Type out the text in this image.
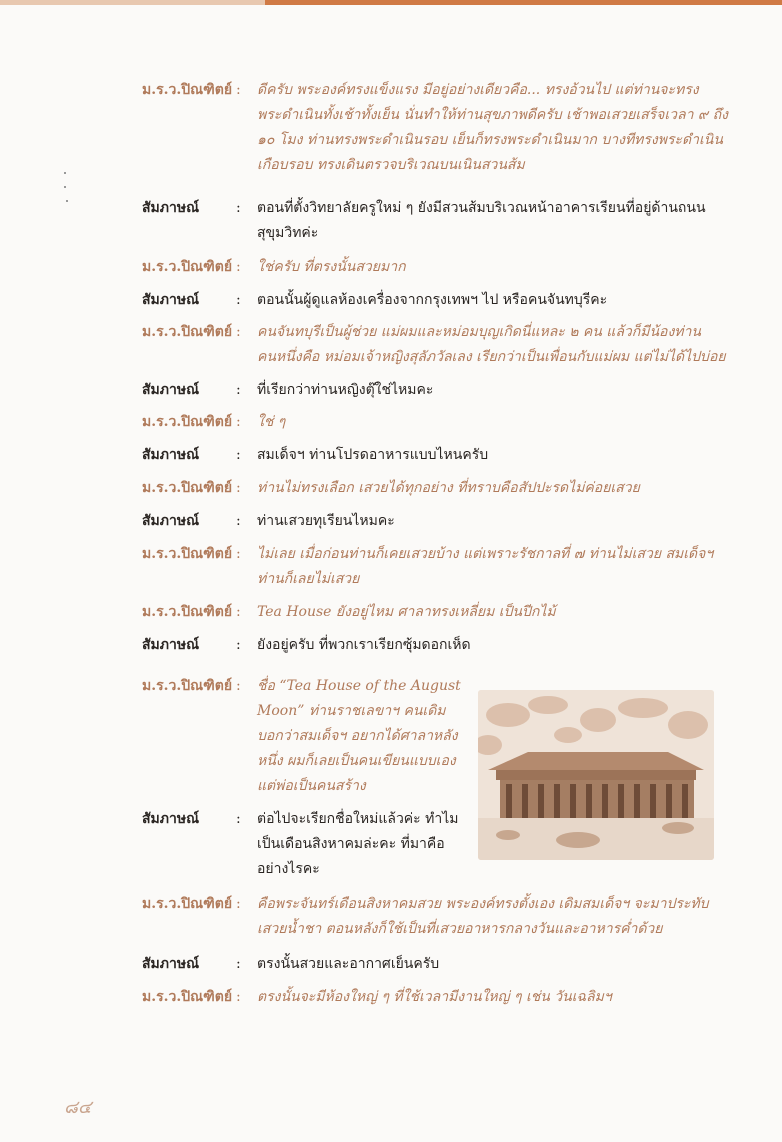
ม.ร.ว.ปิณฑิตย์ : ดีครับ พระองค์ทรงแข็งแรง มีอยู่อย่างเดียวคือ... ทรงอ้วนไป แต่ท่านจะทรง
พระดำเนินทั้งเช้าทั้งเย็น นั่นทำให้ท่านสุขภาพดีครับ เช้าพอเสวยเสร็จเวลา ๙ ถึง
๑๐ โมง ท่านทรงพระดำเนินรอบ เย็นก็ทรงพระดำเนินมาก บางทีทรงพระดำเนิน
เกือบรอบ ทรงเดินตรวจบริเวณบนเนินสวนส้ม
สัมภาษณ์	: ตอนที่ตั้งวิทยาลัยครูใหม่ ๆ ยังมีสวนส้มบริเวณหน้าอาคารเรียนที่อยู่ด้านถนน
สุขุมวิทค่ะ
ม.ร.ว.ปิณฑิตย์ : ใช่ครับ ที่ตรงนั้นสวยมาก
สัมภาษณ์	: ตอนนั้นผู้ดูแลห้องเครื่องจากกรุงเทพฯ ไป หรือคนจันทบุรีคะ
ม.ร.ว.ปิณฑิตย์ : คนจันทบุรีเป็นผู้ช่วย แม่ผมและหม่อมบุญเกิดนี่แหละ ๒ คน แล้วก็มีน้องท่าน
คนหนึ่งคือ หม่อมเจ้าหญิงสุลัภวัลเลง เรียกว่าเป็นเพื่อนกับแม่ผม แต่ไม่ได้ไปบ่อย
สัมภาษณ์	: ที่เรียกว่าท่านหญิงตุ๊ใช่ไหมคะ
ม.ร.ว.ปิณฑิตย์ : ใช่ ๆ
สัมภาษณ์	: สมเด็จฯ ท่านโปรดอาหารแบบไหนครับ
ม.ร.ว.ปิณฑิตย์ : ท่านไม่ทรงเลือก เสวยได้ทุกอย่าง ที่ทราบคือสัปปะรดไม่ค่อยเสวย
สัมภาษณ์	: ท่านเสวยทุเรียนไหมคะ
ม.ร.ว.ปิณฑิตย์ : ไม่เลย เมื่อก่อนท่านก็เคยเสวยบ้าง แต่เพราะรัชกาลที่ ๗ ท่านไม่เสวย สมเด็จฯ
ท่านก็เลยไม่เสวย
ม.ร.ว.ปิณฑิตย์ : Tea House ยังอยู่ไหม ศาลาทรงเหลี่ยม เป็นปีกไม้
สัมภาษณ์	: ยังอยู่ครับ ที่พวกเราเรียกซุ้มดอกเห็ด
ม.ร.ว.ปิณฑิตย์ : ชื่อ “Tea House of the August
Moon” ท่านราชเลขาฯ คนเดิม
บอกว่าสมเด็จฯ อยากได้ศาลาหลัง
หนึ่ง ผมก็เลยเป็นคนเขียนแบบเอง
แต่พ่อเป็นคนสร้าง
สัมภาษณ์	: ต่อไปจะเรียกชื่อใหม่แล้วค่ะ ทำไม
เป็นเดือนสิงหาคมล่ะคะ ที่มาคือ
อย่างไรคะ
ม.ร.ว.ปิณฑิตย์ : คือพระจันทร์เดือนสิงหาคมสวย พระองค์ทรงตั้งเอง เดิมสมเด็จฯ จะมาประทับ
เสวยน้ำชา ตอนหลังก็ใช้เป็นที่เสวยอาหารกลางวันและอาหารค่ำด้วย
สัมภาษณ์	: ตรงนั้นสวยและอากาศเย็นครับ
ม.ร.ว.ปิณฑิตย์ : ตรงนั้นจะมีห้องใหญ่ ๆ ที่ใช้เวลามีงานใหญ่ ๆ เช่น วันเฉลิมฯ
๘๔
